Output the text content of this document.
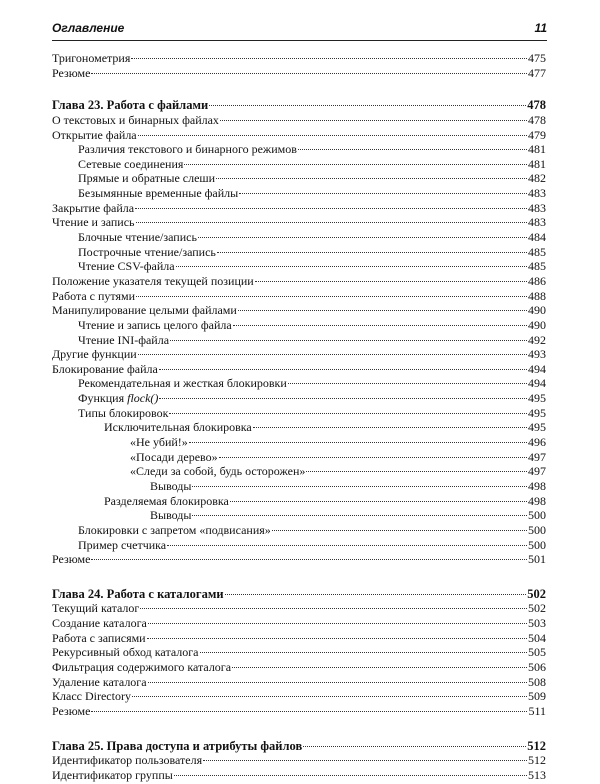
Оглавление	11
Тригонометрия	475
Резюме	477
Глава 23. Работа с файлами	478
О текстовых и бинарных файлах	478
Открытие файла	479
Различия текстового и бинарного режимов	481
Сетевые соединения	481
Прямые и обратные слеши	482
Безымянные временные файлы	483
Закрытие файла	483
Чтение и запись	483
Блочные чтение/запись	484
Построчные чтение/запись	485
Чтение CSV-файла	485
Положение указателя текущей позиции	486
Работа с путями	488
Манипулирование целыми файлами	490
Чтение и запись целого файла	490
Чтение INI-файла	492
Другие функции	493
Блокирование файла	494
Рекомендательная и жесткая блокировки	494
Функция flock()	495
Типы блокировок	495
Исключительная блокировка	495
«Не убий!»	496
«Посади дерево»	497
«Следи за собой, будь осторожен»	497
Выводы	498
Разделяемая блокировка	498
Выводы	500
Блокировки с запретом «подвисания»	500
Пример счетчика	500
Резюме	501
Глава 24. Работа с каталогами	502
Текущий каталог	502
Создание каталога	503
Работа с записями	504
Рекурсивный обход каталога	505
Фильтрация содержимого каталога	506
Удаление каталога	508
Класс Directory	509
Резюме	511
Глава 25. Права доступа и атрибуты файлов	512
Идентификатор пользователя	512
Идентификатор группы	513
